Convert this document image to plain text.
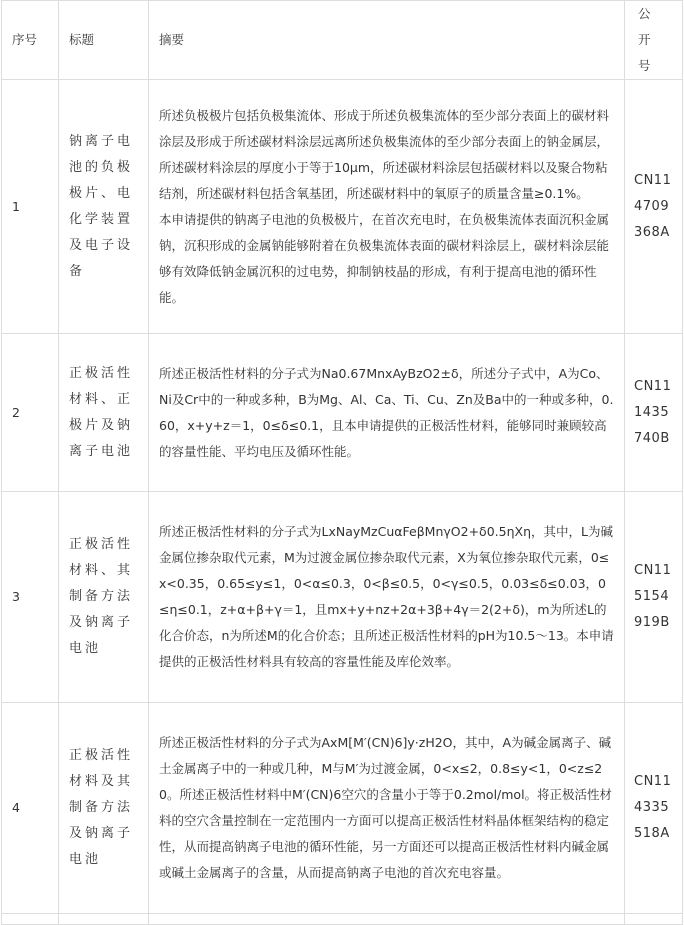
序号	标题	摘要	公开号
1	钠离子电池的负极极片、电化学装置及电子设备	所述负极极片包括负极集流体、形成于所述负极集流体的至少部分表面上的碳材料涂层及形成于所述碳材料涂层远离所述负极集流体的至少部分表面上的钠金属层，所述碳材料涂层的厚度小于等于10μm，所述碳材料涂层包括碳材料以及聚合物粘结剂，所述碳材料包括含氧基团，所述碳材料中的氧原子的质量含量≥0.1%。

本申请提供的钠离子电池的负极极片，在首次充电时，在负极集流体表面沉积金属钠，沉积形成的金属钠能够附着在负极集流体表面的碳材料涂层上，碳材料涂层能够有效降低钠金属沉积的过电势，抑制钠枝晶的形成，有利于提高电池的循环性能。	CN114709368A
2	正极活性材料、正极片及钠离子电池	所述正极活性材料的分子式为Na0.67MnxAyBzO2±δ，所述分子式中，A为Co、Ni及Cr中的一种或多种，B为Mg、Al、Ca、Ti、Cu、Zn及Ba中的一种或多种，0.60，x+y+z＝1，0≤δ≤0.1，且本申请提供的正极活性材料，能够同时兼顾较高的容量性能、平均电压及循环性能。	CN111435740B
3	正极活性材料、其制备方法及钠离子电池	所述正极活性材料的分子式为LxNayMzCuαFeβMnγO2+δ0.5ηXη，其中，L为碱金属位掺杂取代元素，M为过渡金属位掺杂取代元素，X为氧位掺杂取代元素，0≤x<0.35，0.65≤y≤1，0<α≤0.3，0<β≤0.5，0<γ≤0.5，0.03≤δ≤0.03，0≤η≤0.1，z+α+β+γ＝1，且mx+y+nz+2α+3β+4γ＝2(2+δ)，m为所述L的化合价态，n为所述M的化合价态；且所述正极活性材料的pH为10.5～13。本申请提供的正极活性材料具有较高的容量性能及库伦效率。	CN115154919B
4	正极活性材料及其制备方法及钠离子电池	所述正极活性材料的分子式为AxM[M′(CN)6]y·zH2O，其中，A为碱金属离子、碱土金属离子中的一种或几种，M与M′为过渡金属，0<x≤2，0.8≤y<1，0<z≤20。所述正极活性材料中M′(CN)6空穴的含量小于等于0.2mol/mol。将正极活性材料的空穴含量控制在一定范围内一方面可以提高正极活性材料晶体框架结构的稳定性，从而提高钠离子电池的循环性能，另一方面还可以提高正极活性材料内碱金属或碱土金属离子的含量，从而提高钠离子电池的首次充电容量。	CN114335518A
